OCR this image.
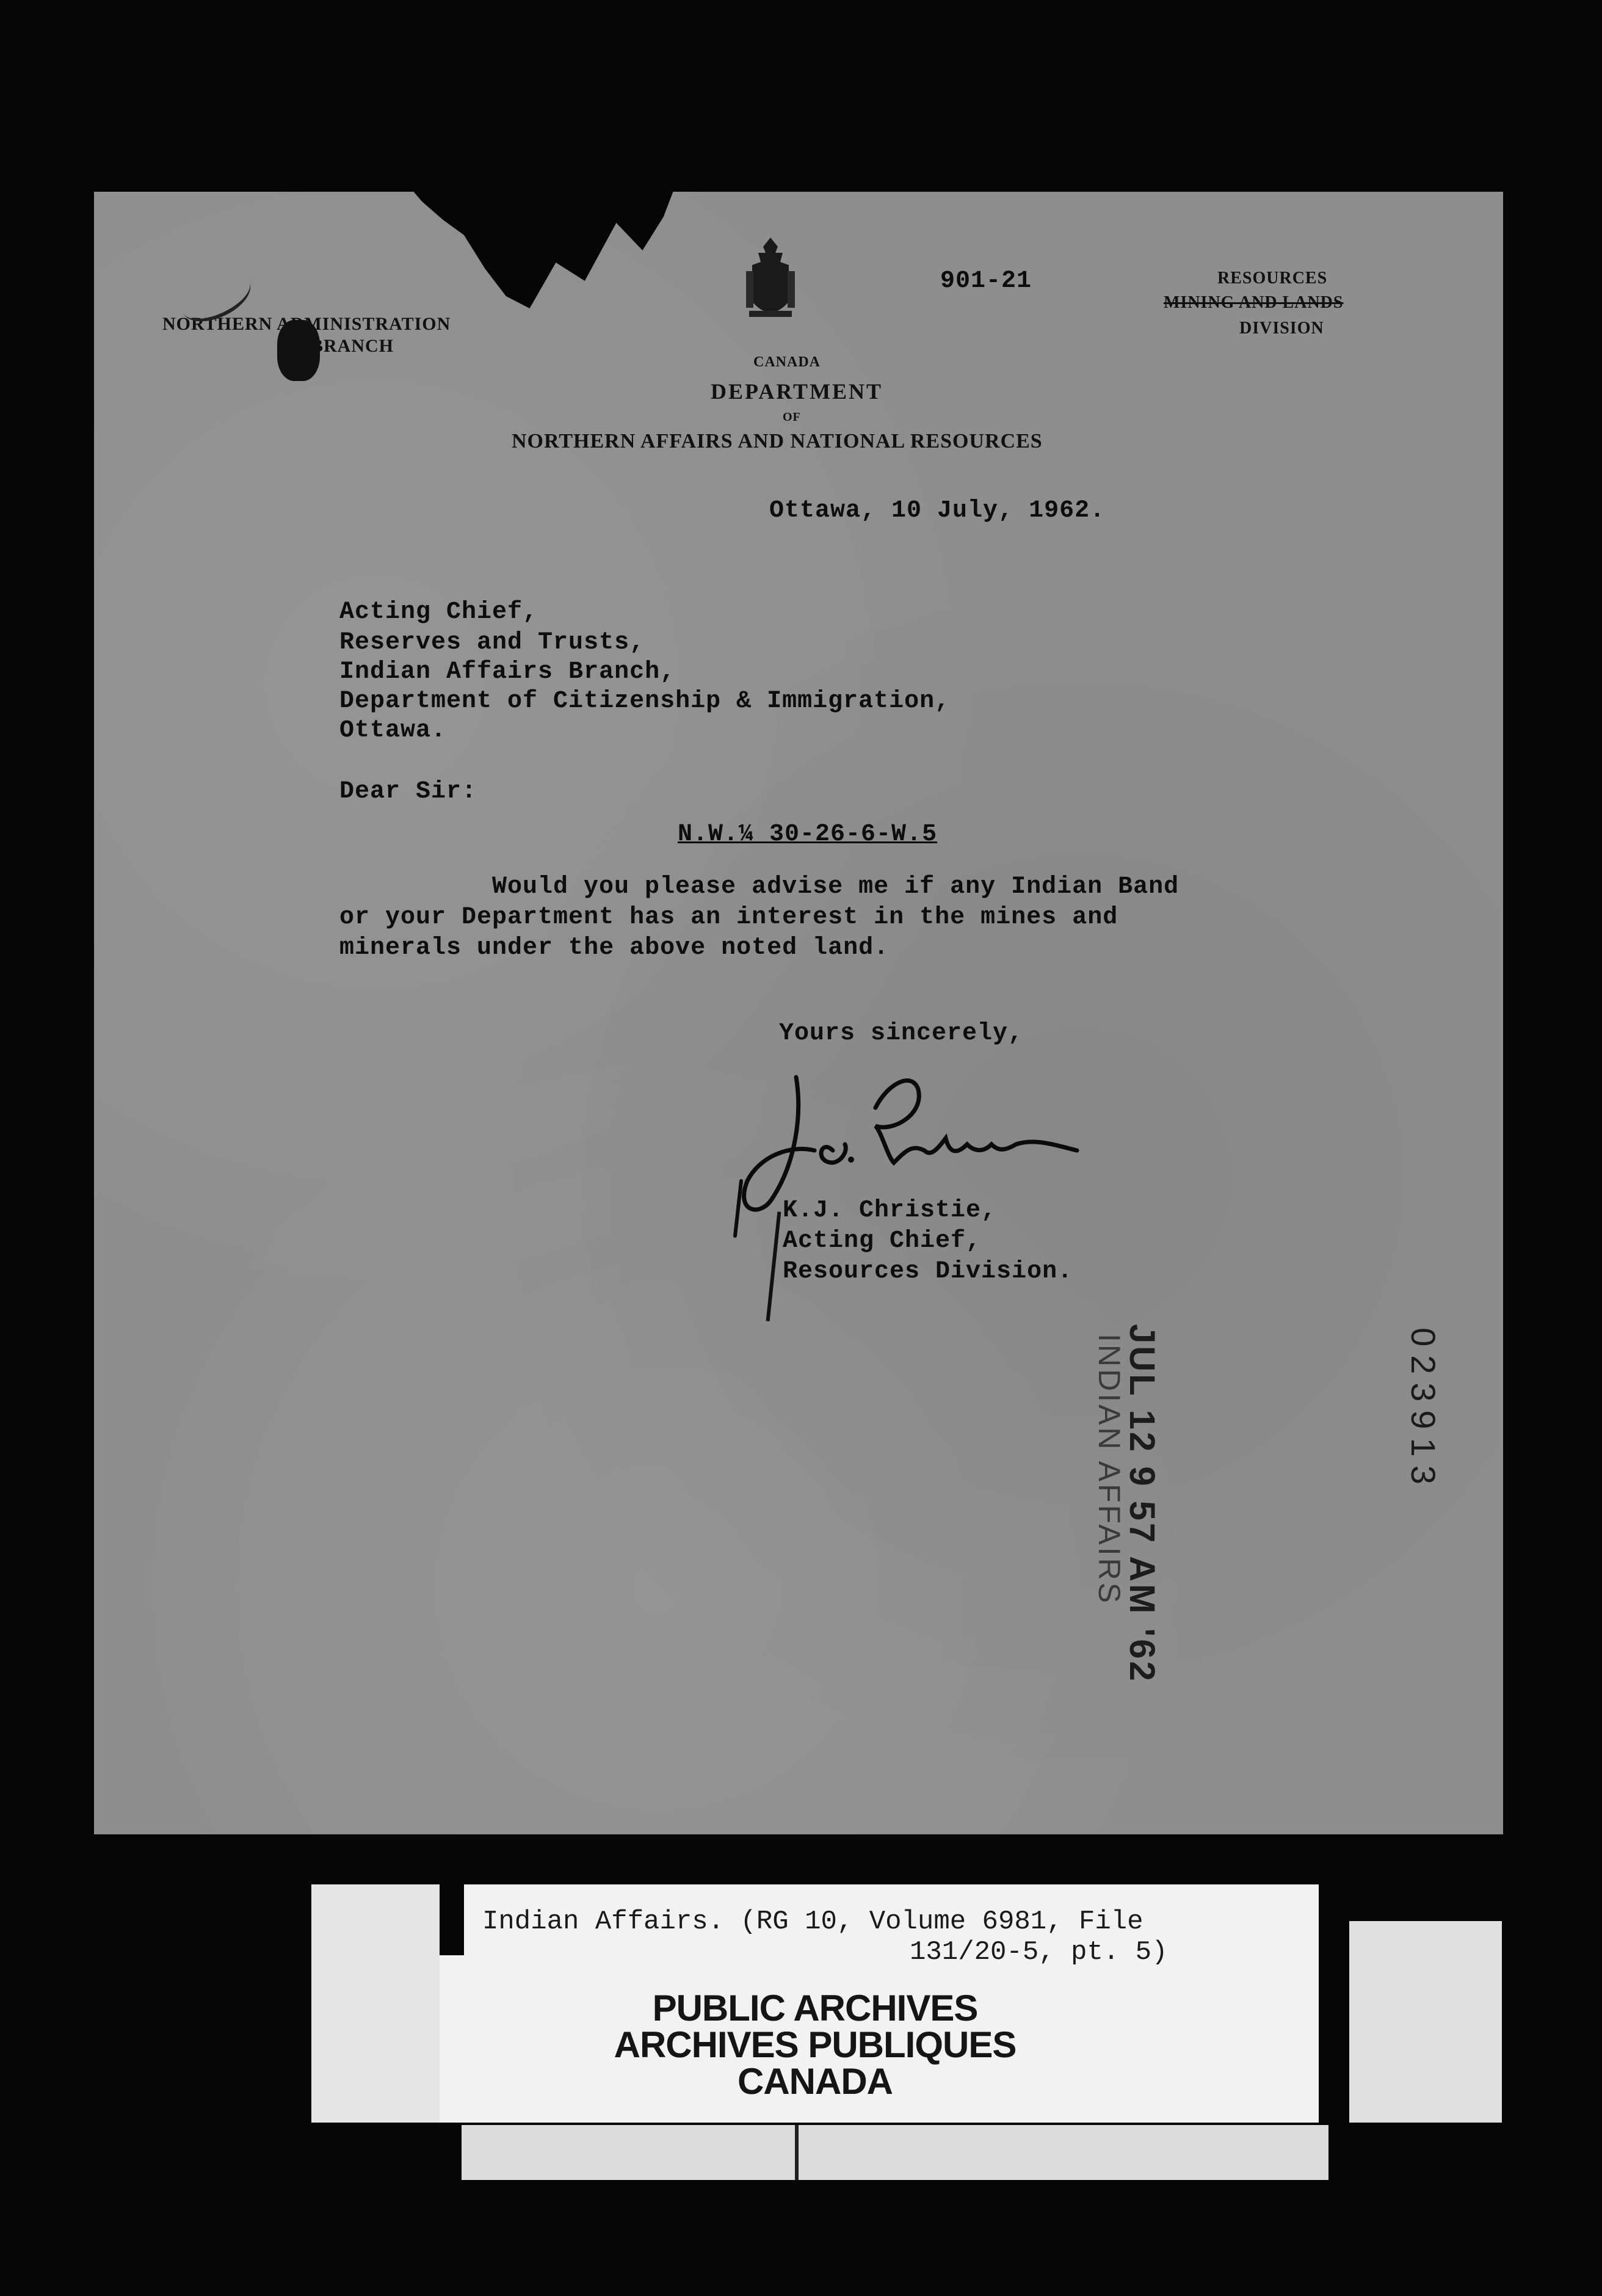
NORTHERN ADMINISTRATION
BRANCH
CANADA
DEPARTMENT
OF
NORTHERN AFFAIRS AND NATIONAL RESOURCES
901-21	RESOURCES
MINING AND LANDS
DIVISION
Ottawa, 10 July, 1962.
Acting Chief,
Reserves and Trusts,
Indian Affairs Branch,
Department of Citizenship & Immigration,
Ottawa.
Dear Sir:
N.W.¼ 30-26-6-W.5
Would you please advise me if any Indian Band
or your Department has an interest in the mines and
minerals under the above noted land.
Yours sincerely,
K.J. Christie,
Acting Chief,
Resources Division.
JUL 12 9 57 AM '62
INDIAN AFFAIRS	023913
Indian Affairs. (RG 10, Volume 6981, File
131/20-5, pt. 5)
PUBLIC ARCHIVES
ARCHIVES PUBLIQUES
CANADA
